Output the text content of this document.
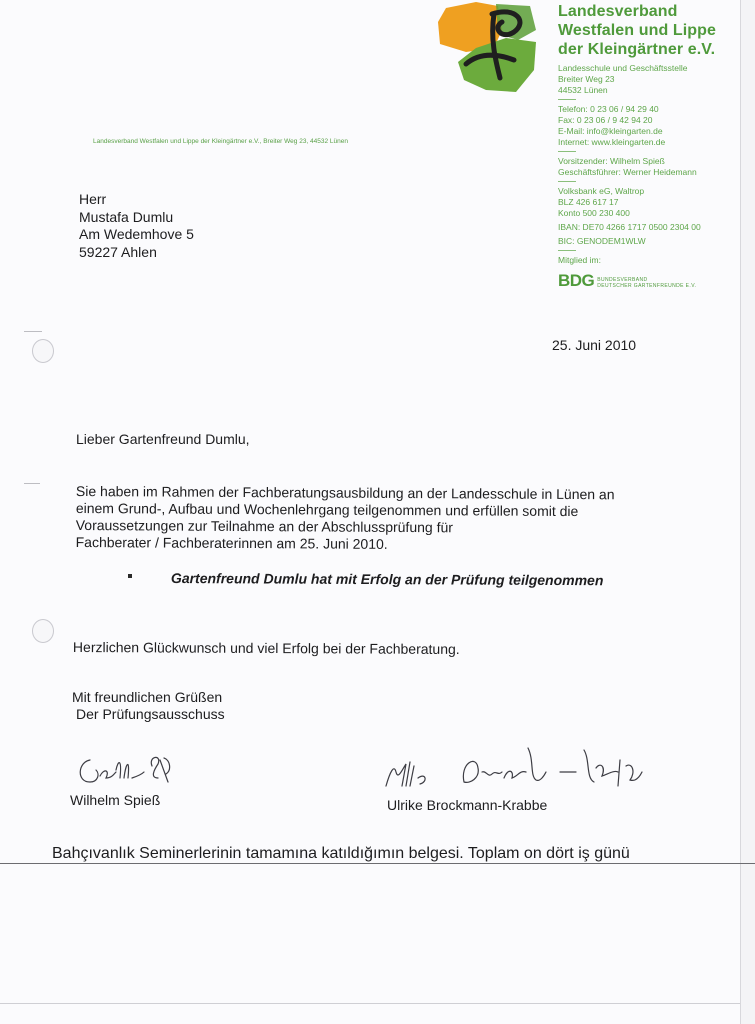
Landesverband

Westfalen und Lippe

der Kleingärtner e.V.

Landesschule und Geschäftsstelle

Breiter Weg 23

44532 Lünen

Telefon: 0 23 06 / 94 29 40

Fax: 0 23 06 / 9 42 94 20

E-Mail: info@kleingarten.de

Internet: www.kleingarten.de

Vorsitzender: Wilhelm Spieß

Geschäftsführer: Werner Heidemann

Volksbank eG, Waltrop

BLZ 426 617 17

Konto 500 230 400

IBAN: DE70 4266 1717 0500 2304 00

BIC: GENODEM1WLW

Mitglied im:

BDG BUNDESVERBAND
DEUTSCHER GARTENFREUNDE E.V.
Landesverband Westfalen und Lippe der Kleingärtner e.V., Breiter Weg 23, 44532 Lünen
Herr
Mustafa Dumlu
Am Wedemhove 5
59227 Ahlen
25. Juni 2010
Lieber Gartenfreund Dumlu,
Sie haben im Rahmen der Fachberatungsausbildung an der Landesschule in Lünen an
einem Grund-, Aufbau und Wochenlehrgang teilgenommen und erfüllen somit die
Voraussetzungen zur Teilnahme an der Abschlussprüfung für
Fachberater / Fachberaterinnen am 25. Juni 2010.
Gartenfreund Dumlu hat mit Erfolg an der Prüfung teilgenommen
Herzlichen Glückwunsch und viel Erfolg bei der Fachberatung.
Mit freundlichen Grüßen
Der Prüfungsausschuss
Wilhelm Spieß	Ulrike Brockmann-Krabbe
Bahçıvanlık Seminerlerinin tamamına katıldığımın belgesi. Toplam on dört iş günü
